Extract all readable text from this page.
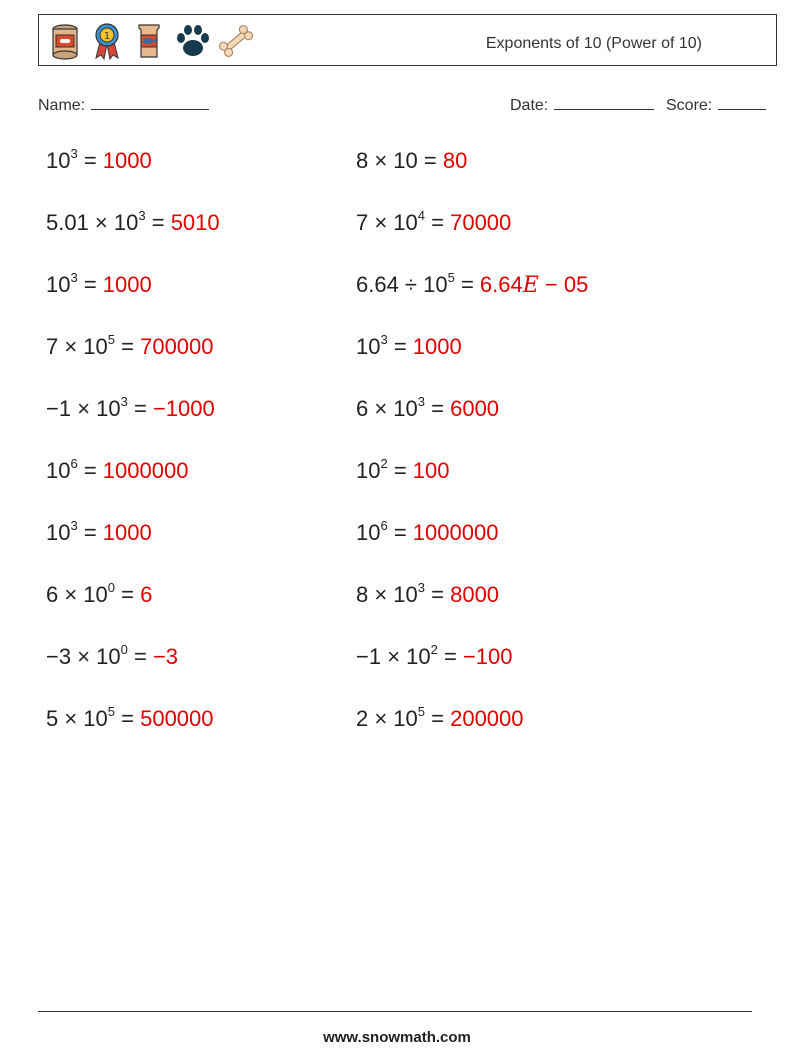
1	Exponents of 10 (Power of 10)
Name:	Date:	Score:
$10^3 = 1000$	8 × 10 = 80
$5.01 \times 10^3 = 5010$	$7 \times 10^4 = 70000$
$10^3 = 1000$	$6.64 \div 10^5 = 6.64E - 05$
$7 \times 10^5 = 700000$	$10^3 = 1000$
$-1 \times 10^3 = -1000$	$6 \times 10^3 = 6000$
$10^6 = 1000000$	$10^2 = 100$
$10^3 = 1000$	$10^6 = 1000000$
$6 \times 10^0 = 6$	$8 \times 10^3 = 8000$
$-3 \times 10^0 = -3$	$-1 \times 10^2 = -100$
$5 \times 10^5 = 500000$	$2 \times 10^5 = 200000$
www.snowmath.com
